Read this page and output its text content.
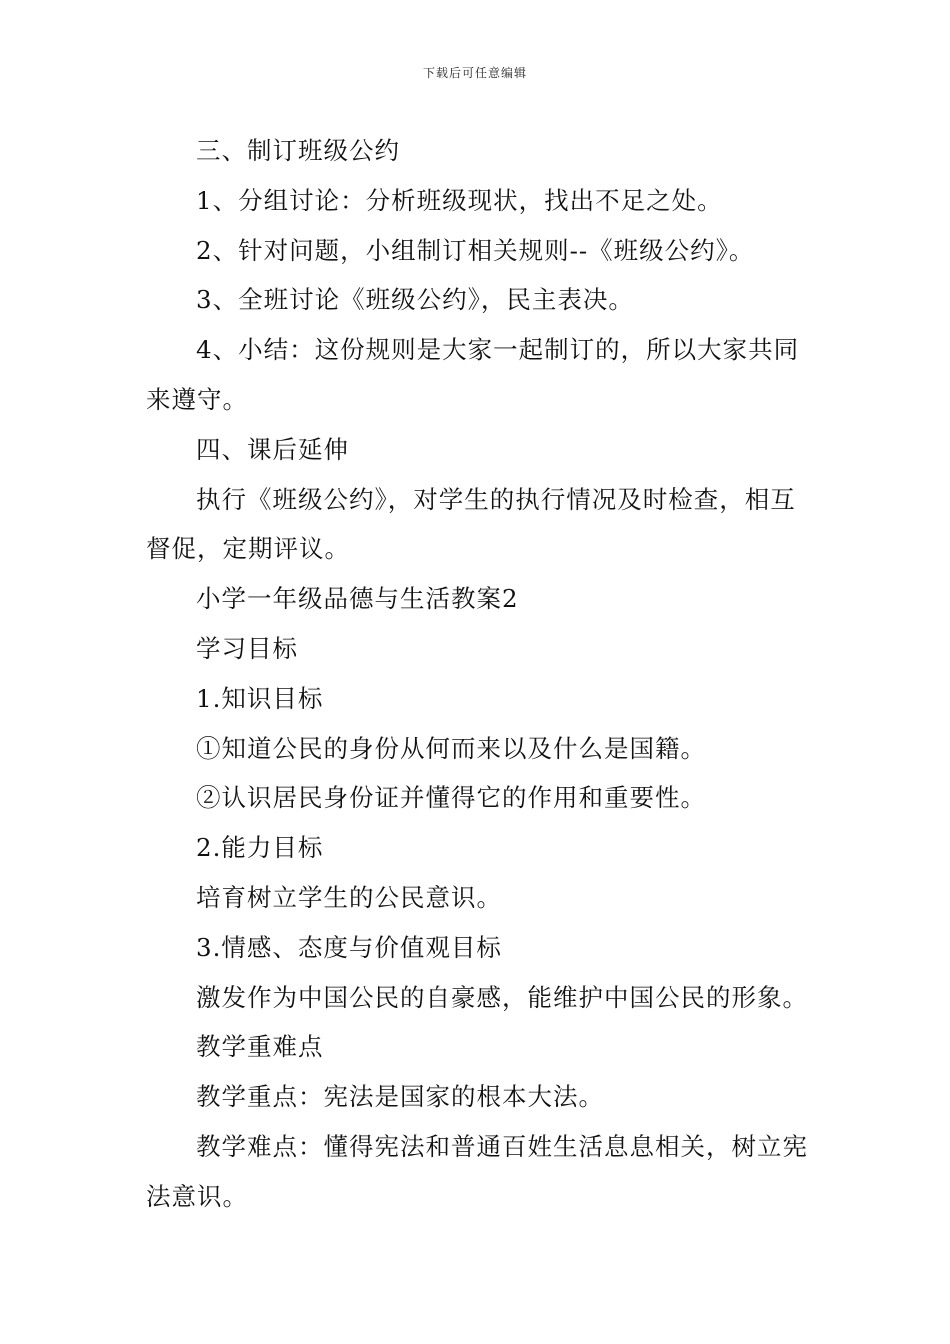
下载后可任意编辑

三、制订班级公约

1、分组讨论：分析班级现状，找出不足之处。

2、针对问题，小组制订相关规则--《班级公约》。

3、全班讨论《班级公约》，民主表决。

4、小结：这份规则是大家一起制订的，所以大家共同来遵守。

四、课后延伸

执行《班级公约》，对学生的执行情况及时检查，相互督促，定期评议。

小学一年级品德与生活教案2

学习目标

1.知识目标

①知道公民的身份从何而来以及什么是国籍。

②认识居民身份证并懂得它的作用和重要性。

2.能力目标

培育树立学生的公民意识。

3.情感、态度与价值观目标

激发作为中国公民的自豪感，能维护中国公民的形象。

教学重难点

教学重点：宪法是国家的根本大法。

教学难点：懂得宪法和普通百姓生活息息相关，树立宪法意识。
